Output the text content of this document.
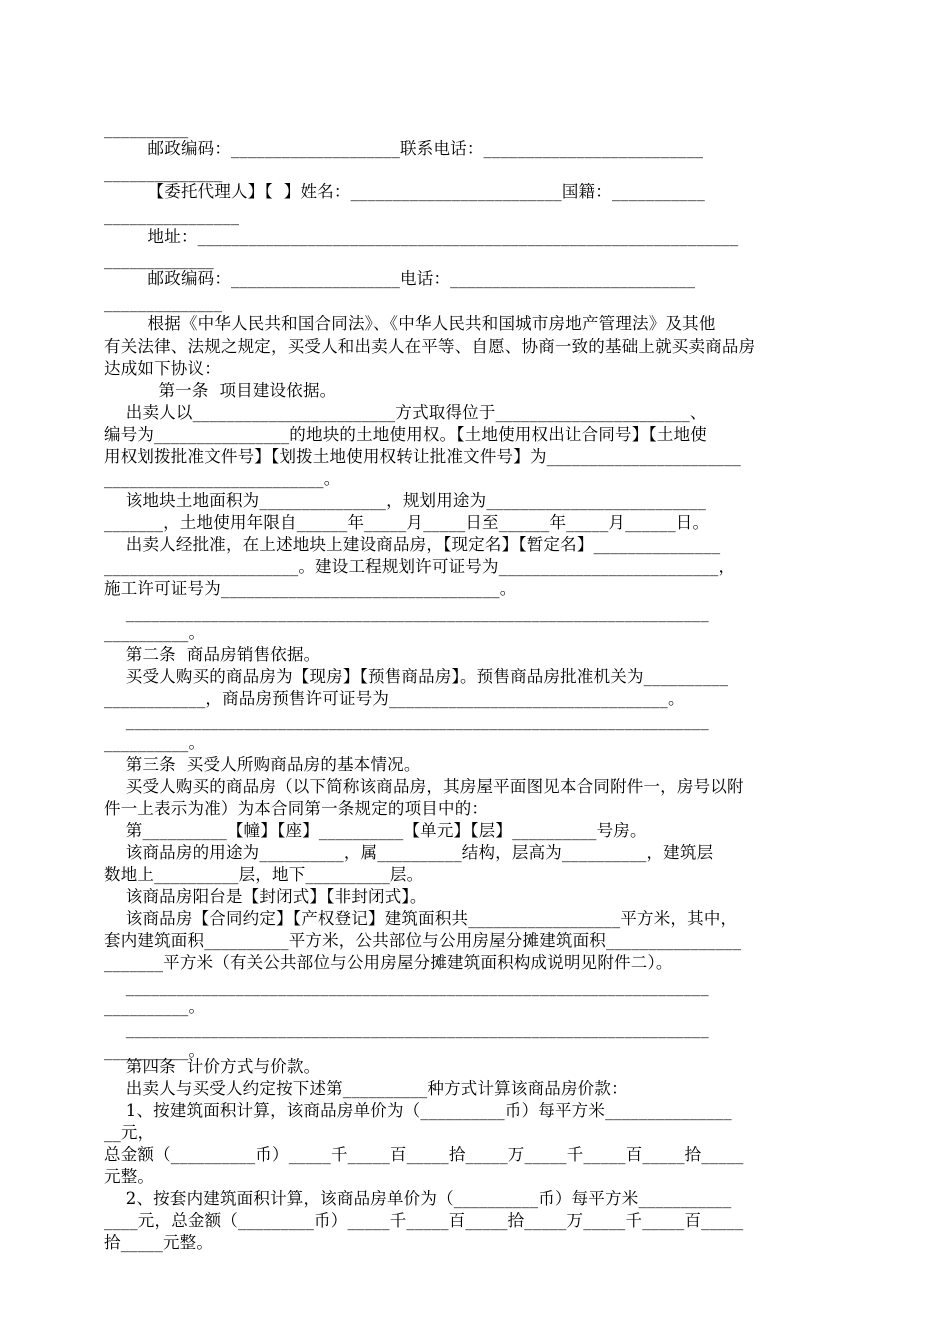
__________
邮政编码：____________________联系电话：__________________________
______________
【委托代理人】【  】姓名：_________________________国籍：___________
________________
地址：________________________________________________________________
_____________
邮政编码：____________________电话：_____________________________
______________
根据《中华人民共和国合同法》、《中华人民共和国城市房地产管理法》及其他
有关法律、法规之规定，买受人和出卖人在平等、自愿、协商一致的基础上就买卖商品房
达成如下协议：
第一条  项目建设依据。
出卖人以________________________方式取得位于_______________________、
编号为________________的地块的土地使用权。【土地使用权出让合同号】【土地使
用权划拨批准文件号】【划拨土地使用权转让批准文件号】为_______________________
__________________________。
该地块土地面积为_______________，规划用途为__________________________
_______，土地使用年限自______年_____月_____日至______年_____月______日。
出卖人经批准，在上述地块上建设商品房，【现定名】【暂定名】_______________
_______________________。建设工程规划许可证号为__________________________，
施工许可证号为_________________________________。
_____________________________________________________________________
__________。
第二条  商品房销售依据。
买受人购买的商品房为【现房】【预售商品房】。预售商品房批准机关为__________
____________，商品房预售许可证号为_________________________________。
_____________________________________________________________________
__________。
第三条  买受人所购商品房的基本情况。
买受人购买的商品房（以下简称该商品房，其房屋平面图见本合同附件一，房号以附
件一上表示为准）为本合同第一条规定的项目中的：
第__________【幢】【座】__________【单元】【层】__________号房。
该商品房的用途为__________，属__________结构，层高为__________，建筑层
数地上__________层，地下__________层。
该商品房阳台是【封闭式】【非封闭式】。
该商品房【合同约定】【产权登记】建筑面积共__________________平方米，其中，
套内建筑面积__________平方米，公共部位与公用房屋分摊建筑面积________________
_______平方米（有关公共部位与公用房屋分摊建筑面积构成说明见附件二）。
_____________________________________________________________________
__________。
_____________________________________________________________________
__________。
第四条  计价方式与价款。
出卖人与买受人约定按下述第__________种方式计算该商品房价款：
1、按建筑面积计算，该商品房单价为（__________币）每平方米_______________
__元，
总金额（__________币）_____千_____百_____拾_____万_____千_____百_____拾_____
元整。
2、按套内建筑面积计算，该商品房单价为（__________币）每平方米___________
____元，总金额（_________币）_____千_____百_____拾_____万_____千_____百_____
拾_____元整。
